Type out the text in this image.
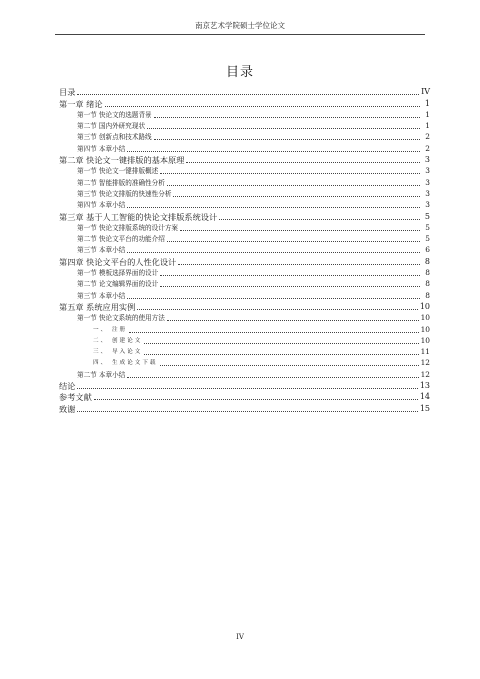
南京艺术学院硕士学位论文
目录
目录	IV
第一章 绪论	1
第一节 快论文的选题背景	1
第二节 国内外研究现状	1
第三节 创新点和技术路线	2
第四节 本章小结	2
第二章 快论文一键排版的基本原理	3
第一节 快论文一键排版概述	3
第二节 智能排版的准确性分析	3
第三节 快论文排版的快速性分析	3
第四节 本章小结	3
第三章 基于人工智能的快论文排版系统设计	5
第一节 快论文排版系统的设计方案	5
第二节 快论文平台的功能介绍	5
第三节 本章小结	6
第四章 快论文平台的人性化设计	8
第一节 模板选择界面的设计	8
第二节 论文编辑界面的设计	8
第三节 本章小结	8
第五章 系统应用实例	10
第一节 快论文系统的使用方法	10
一、 注册	10
二、 创建论文	10
三、 导入论文	11
四、 生成论文下载	12
第二节 本章小结	12
结论	13
参考文献	14
致谢	15
IV
